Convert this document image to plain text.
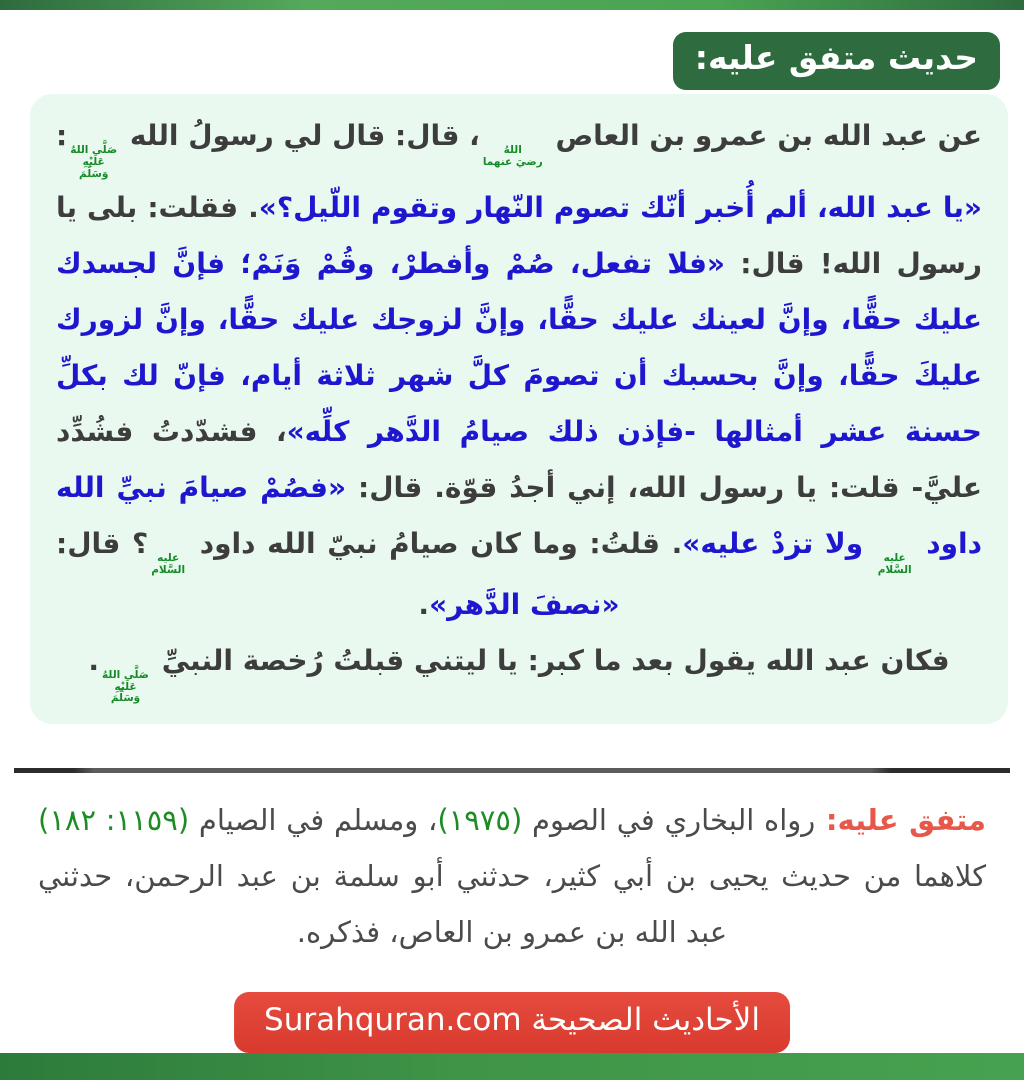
حديث متفق عليه:
عن عبد الله بن عمرو بن العاص
اللهُ
رضيَ عنهما
، قال: قال لي رسولُ الله
صَلَّى اللهُ
عَلَيْهِ
وَسَلَّمَ
: «يا عبد الله، ألم أُخبر أنّك تصوم النّهار وتقوم اللّيل؟». فقلت: بلى يا رسول الله! قال: «فلا تفعل، صُمْ وأفطرْ، وقُمْ وَنَمْ؛ فإنَّ لجسدك عليك حقًّا، وإنَّ لعينك عليك حقًّا، وإنَّ لزوجك عليك حقًّا، وإنَّ لزورك عليكَ حقًّا، وإنَّ بحسبك أن تصومَ كلَّ شهر ثلاثة أيام، فإنّ لك بكلِّ حسنة عشر أمثالها -فإذن ذلك صيامُ الدَّهر كلِّه»، فشدّدتُ فشُدِّد عليَّ- قلت: يا رسول الله، إني أجدُ قوّة. قال: «فصُمْ صيامَ نبيِّ الله داود
عليه
السَّلام
ولا تزدْ عليه». قلتُ: وما كان صيامُ نبيّ الله داود
عليه
السَّلام
؟ قال: «نصفَ الدَّهر».
فكان عبد الله يقول بعد ما كبر: يا ليتني قبلتُ رُخصة النبيِّ
صَلَّى اللهُ
عَلَيْهِ
وَسَلَّمَ
.
متفق عليه: رواه البخاري في الصوم (١٩٧٥)، ومسلم في الصيام (١١٥٩: ١٨٢) كلاهما من حديث يحيى بن أبي كثير، حدثني أبو سلمة بن عبد الرحمن، حدثني عبد الله بن عمرو بن العاص، فذكره.
الأحاديث الصحيحة Surahquran.com
